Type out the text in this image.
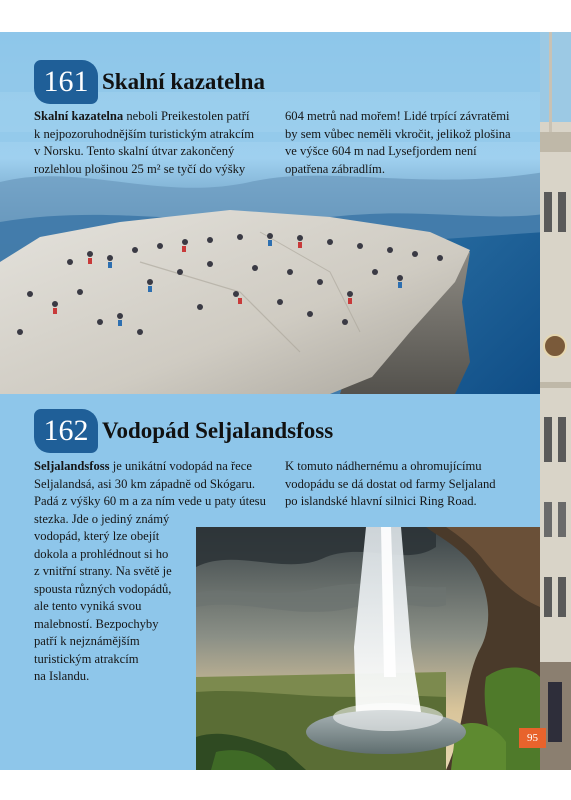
161 Skalní kazatelna
Skalní kazatelna neboli Preikestolen patří
k nejpozoruhodnějším turistickým atrakcím
v Norsku. Tento skalní útvar zakončený
rozlehlou plošinou 25 m² se tyčí do výšky
604 metrů nad mořem! Lidé trpící závratěmi
by sem vůbec neměli vkročit, jelikož plošina
ve výšce 604 m nad Lysefjordem není
opatřena zábradlím.
162 Vodopád Seljalandsfoss
Seljalandsfoss je unikátní vodopád na řece
Seljalandsá, asi 30 km západně od Skógaru.
Padá z výšky 60 m a za ním vede u paty útesu
stezka. Jde o jediný známý
vodopád, který lze obejít
dokola a prohlédnout si ho
z vnitřní strany. Na světě je
spousta různých vodopádů,
ale tento vyniká svou
malebností. Bezpochyby
patří k nejznámějším
turistickým atrakcím
na Islandu.
K tomuto nádhernému a ohromujícímu
vodopádu se dá dostat od farmy Seljaland
po islandské hlavní silnici Ring Road.
95
